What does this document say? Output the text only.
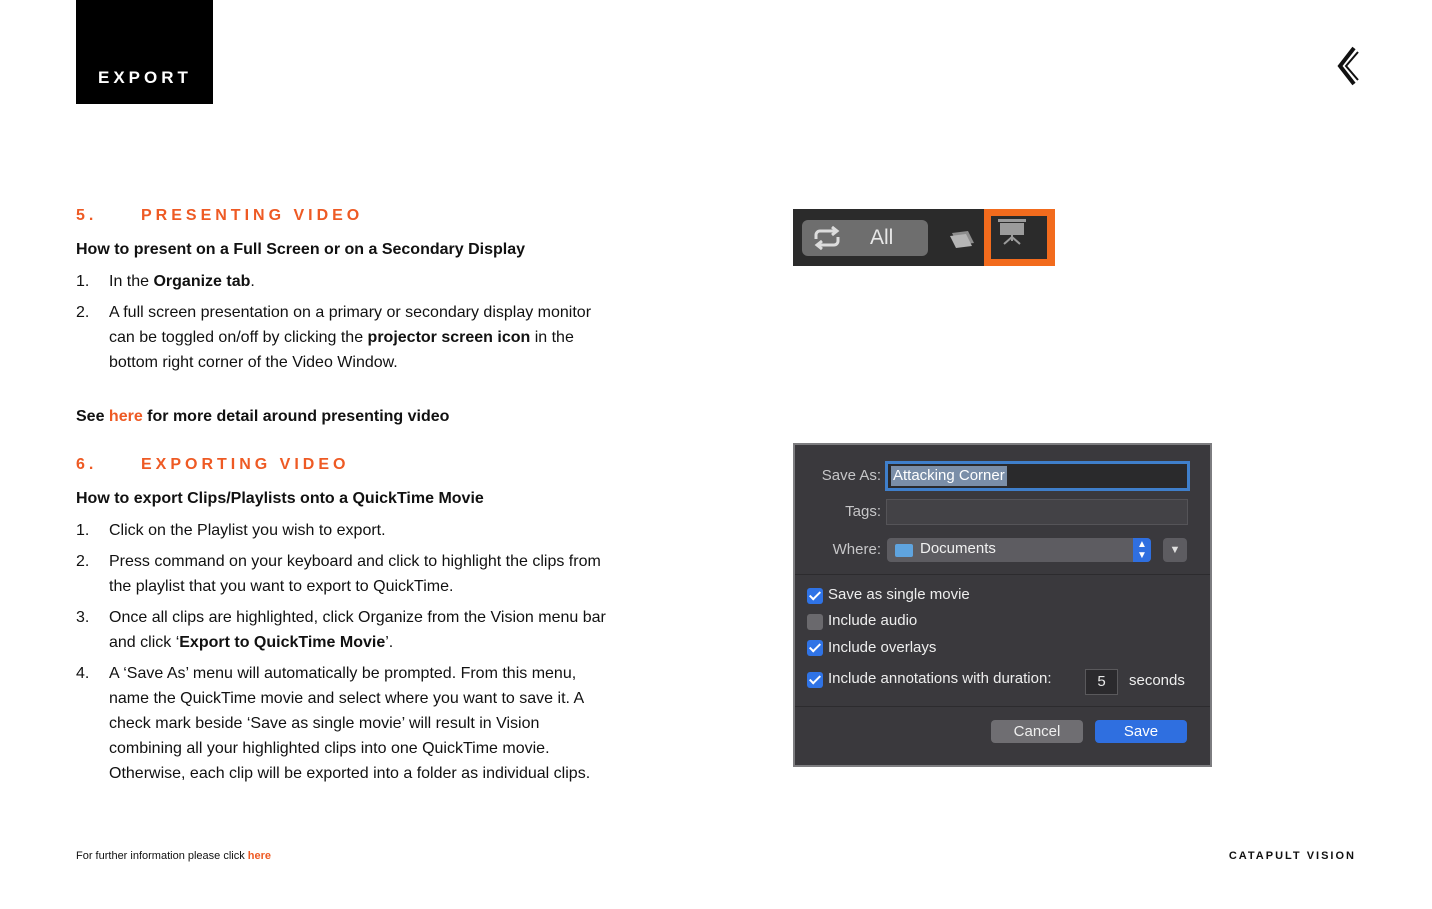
EXPORT
5.	PRESENTING VIDEO
How to present on a Full Screen or on a Secondary Display
1. In the Organize tab.
2. A full screen presentation on a primary or secondary display monitor can be toggled on/off by clicking the projector screen icon in the bottom right corner of the Video Window.
See here for more detail around presenting video
6.	EXPORTING VIDEO
How to export Clips/Playlists onto a QuickTime Movie
1. Click on the Playlist you wish to export.
2. Press command on your keyboard and click to highlight the clips from the playlist that you want to export to QuickTime.
3. Once all clips are highlighted, click Organize from the Vision menu bar and click ‘Export to QuickTime Movie’.
4. A ‘Save As’ menu will automatically be prompted. From this menu, name the QuickTime movie and select where you want to save it. A check mark beside ‘Save as single movie’ will result in Vision combining all your highlighted clips into one QuickTime movie. Otherwise, each clip will be exported into a folder as individual clips.
All
Save As: Attacking Corner
Tags:
Where:	Documents	▲
▼	▼
Save as single movie
Include audio
Include overlays
Include annotations with duration:	5	seconds
Cancel	Save
For further information please click here	CATAPULT VISION
